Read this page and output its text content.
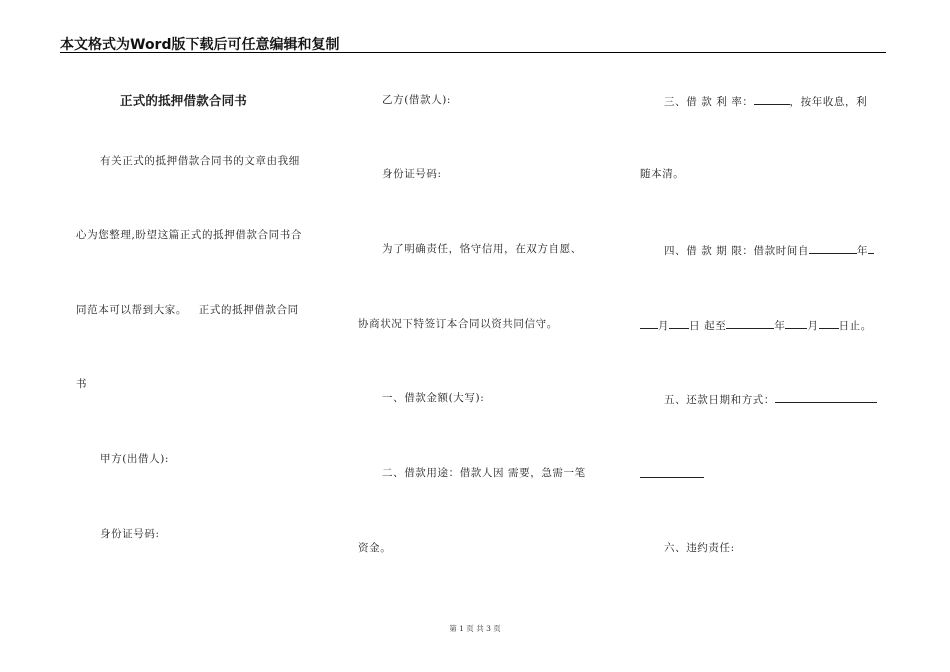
本文格式为Word版下载后可任意编辑和复制
正式的抵押借款合同书
有关正式的抵押借款合同书的文章由我细
心为您整理,盼望这篇正式的抵押借款合同书合
同范本可以帮到大家。   正式的抵押借款合同
书
甲方(出借人):
身份证号码:
乙方(借款人):
身份证号码:
为了明确责任，恪守信用，在双方自愿、
协商状况下特签订本合同以资共同信守。
一、借款金额(大写):
二、借款用途：借款人因 需要，急需一笔
资金。
三、借 款 利 率：	，按年收息，利
随本清。
四、借 款 期 限：借款时间自	年
月 日 起至	年 月 日止。
五、还款日期和方式：
六、违约责任:
第 1 页 共 3 页
